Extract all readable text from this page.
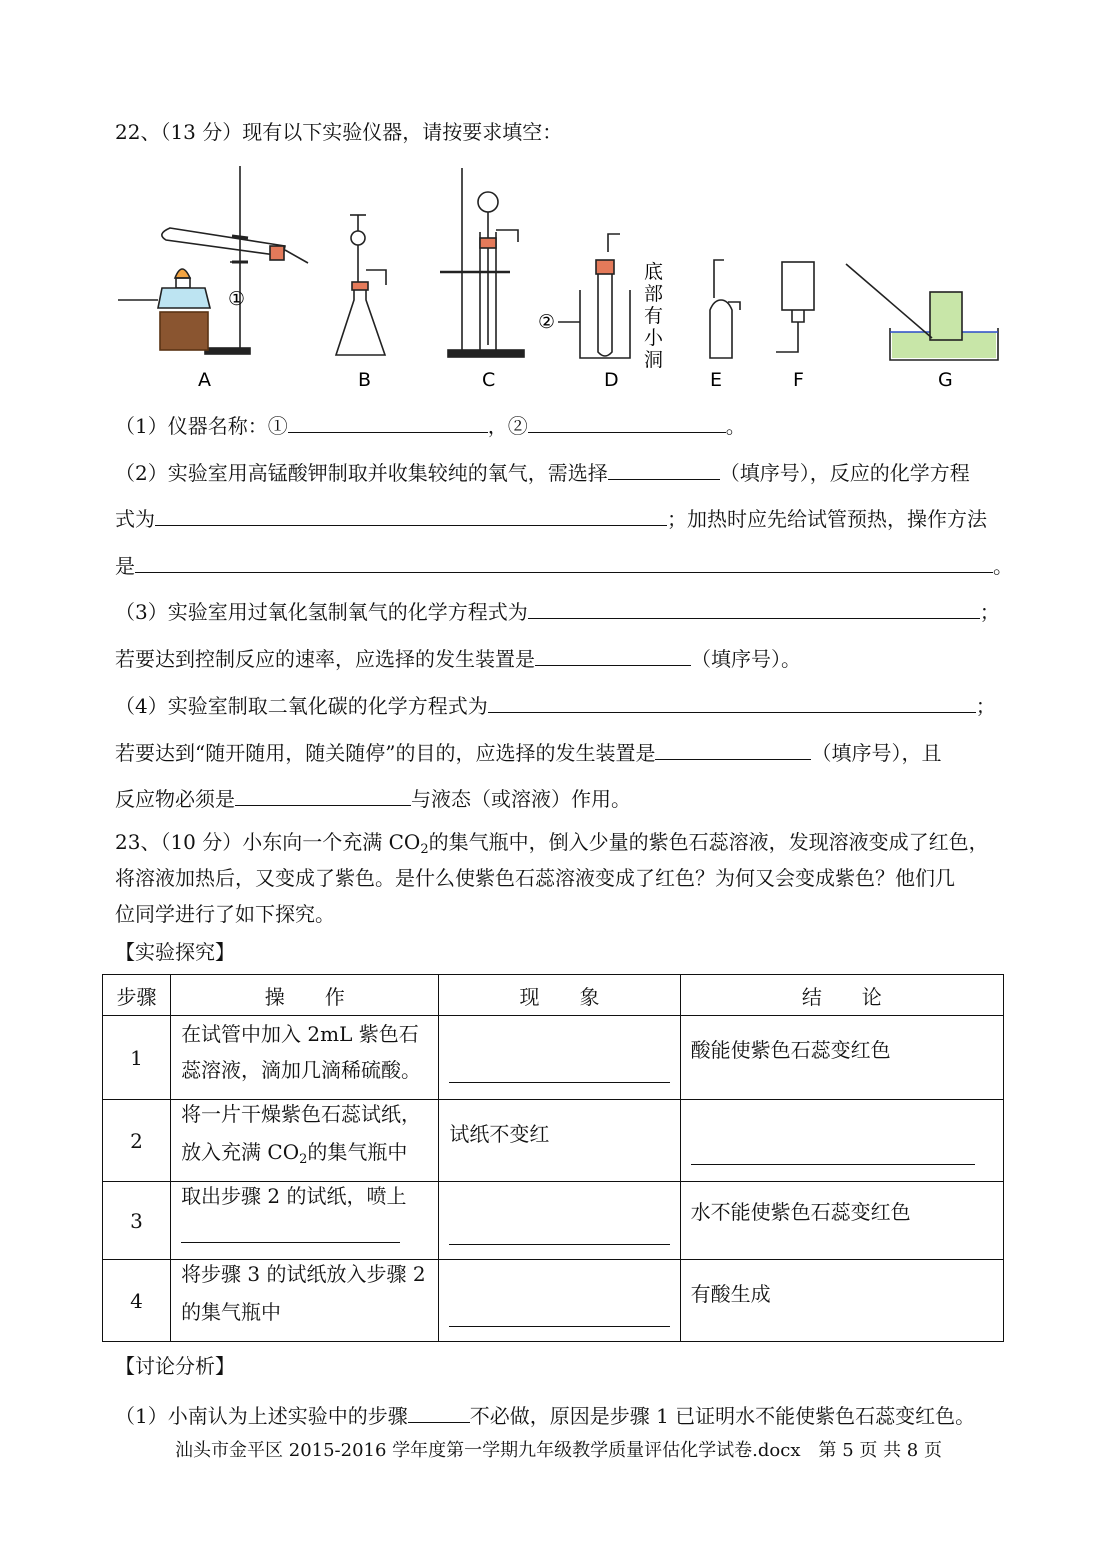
22、（13 分）现有以下实验仪器，请按要求填空：
①
②
底
部
有
小
洞
A	B	C	D	E	F	G
（1）仪器名称：①	，②	。
（2）实验室用高锰酸钾制取并收集较纯的氧气，需选择	（填序号），反应的化学方程
式为	；加热时应先给试管预热，操作方法
是	。
（3）实验室用过氧化氢制氧气的化学方程式为	；
若要达到控制反应的速率，应选择的发生装置是	（填序号）。
（4）实验室制取二氧化碳的化学方程式为	；
若要达到“随开随用，随关随停”的目的，应选择的发生装置是	（填序号），且
反应物必须是	与液态（或溶液）作用。
23、（10 分）小东向一个充满 $CO_2$的集气瓶中，倒入少量的紫色石蕊溶液，发现溶液变成了红色，
将溶液加热后，又变成了紫色。是什么使紫色石蕊溶液变成了红色？为何又会变成紫色？他们几
位同学进行了如下探究。
【实验探究】
步骤	操　　作	现　　象	结　　论
1	在试管中加入 2mL 紫色石
蕊溶液，滴加几滴稀硫酸。		酸能使紫色石蕊变红色

2	将一片干燥紫色石蕊试纸，
放入充满 $CO_2$的集气瓶中	试纸不变红	

3	取出步骤 2 的试纸，喷上		水不能使紫色石蕊变红色

4	将步骤 3 的试纸放入步骤 2
的集气瓶中		有酸生成
【讨论分析】
（1）小南认为上述实验中的步骤	不必做，原因是步骤 1 已证明水不能使紫色石蕊变红色。
汕头市金平区 2015-2016 学年度第一学期九年级教学质量评估化学试卷.docx　第 5 页 共 8 页
